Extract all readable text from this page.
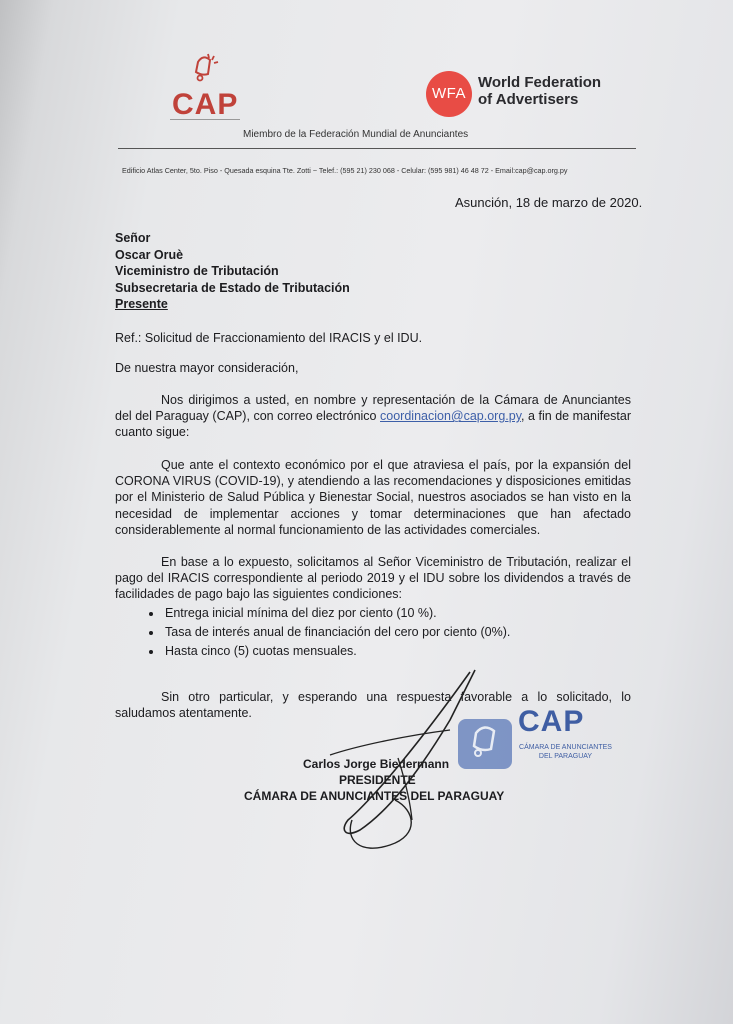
CAP	WFA
World Federation
of Advertisers
Miembro de la Federación Mundial de Anunciantes
Edificio Atlas Center, 5to. Piso - Quesada esquina Tte. Zotti ~ Telef.: (595 21) 230 068 - Celular: (595 981) 46 48 72 - Email:cap@cap.org.py
Asunción, 18 de marzo de 2020.
Señor
Oscar Oruè
Viceministro de Tributación
Subsecretaria de Estado de Tributación
Presente
Ref.: Solicitud de Fraccionamiento del IRACIS y el IDU.
De nuestra mayor consideración,
Nos dirigimos a usted, en nombre y representación de la Cámara de Anunciantes del del Paraguay (CAP), con correo electrónico coordinacion@cap.org.py, a fin de manifestar cuanto sigue:
Que ante el contexto económico por el que atraviesa el país, por la expansión del CORONA VIRUS (COVID-19), y atendiendo a las recomendaciones y disposiciones emitidas por el Ministerio de Salud Pública y Bienestar Social, nuestros asociados se han visto en la necesidad de implementar acciones y tomar determinaciones que han afectado considerablemente al normal funcionamiento de las actividades comerciales.
En base a lo expuesto, solicitamos al Señor Viceministro de Tributación, realizar el pago del IRACIS correspondiente al periodo 2019 y el IDU sobre los dividendos a través de facilidades de pago bajo las siguientes condiciones:
• Entrega inicial mínima del diez por ciento (10 %).
• Tasa de interés anual de financiación del cero por ciento (0%).
• Hasta cinco (5) cuotas mensuales.
Sin otro particular, y esperando una respuesta favorable a lo solicitado, lo saludamos atentamente.	CAP
CÁMARA DE ANUNCIANTES
DEL PARAGUAY
Carlos Jorge Biedermann
PRESIDENTE
CÁMARA DE ANUNCIANTES DEL PARAGUAY
